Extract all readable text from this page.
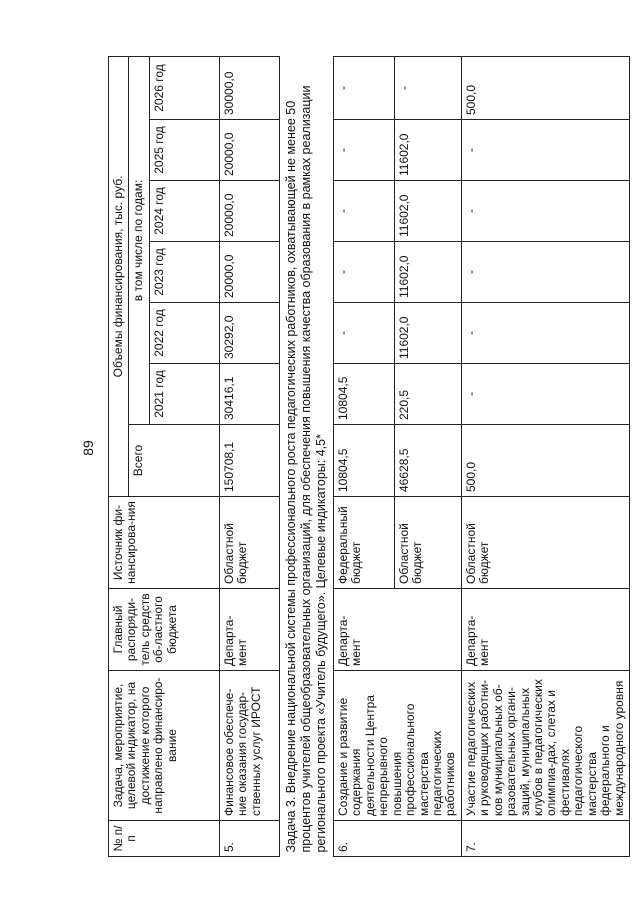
89
№ п/п	Задача, мероприятие, целевой индикатор, на достижение которого направлено финансиро-вание	Главный распоряди-тель средств об-ластного бюджета	Источник фи-нансирова-ния	Объемы финансирования, тыс. руб.						
				Всего	в том числе по годам:					
					2021 год	2022 год	2023 год	2024 год	2025 год	2026 год
5.	Финансовое обеспече-ние оказания государ-ственных услуг ИРОСТ	Департа-мент	Областной бюджет	150708,1	30416,1	30292,0	20000,0	20000,0	20000,0	30000,0
Задача 3. Внедрение национальной системы профессионального роста педагогических работников, охватывающей не менее 50 процентов учителей общеобразовательных организаций, для обеспечения повышения качества образования в рамках реализации регионального проекта «Учитель будущего». Целевые индикаторы: 4,5*										
6.	Создание и развитие содержания деятельности Центра непрерывного повышения профессионального мастерства педагогических работников	Департа-мент	Федеральный бюджет	10804,5	10804,5	-	-	-	-	-
			Областной бюджет	46628,5	220,5	11602,0	11602,0	11602,0	11602,0	-
7.	Участие педагогических и руководящих работни-ков муниципальных об-разовательных органи-заций, муниципальных клубов в педагогических олимпиа-дах, слетах и фестивалях педагогического мастерства федерального и международного уровня	Департа-мент	Областной бюджет	500,0	-	-	-	-	-	500,0
